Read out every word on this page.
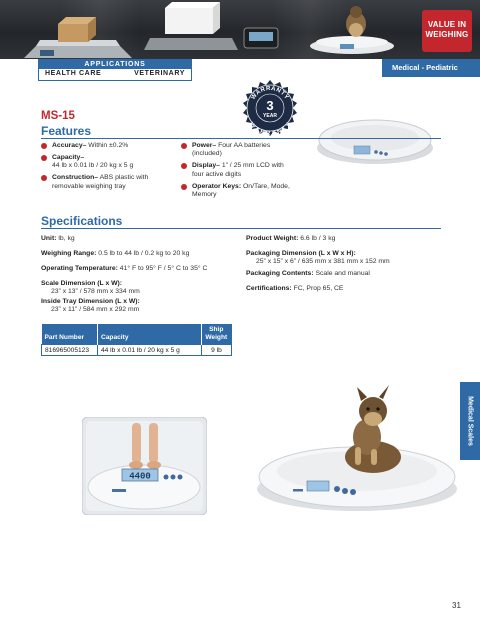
VALUE IN
WEIGHING
APPLICATIONS
HEALTH CARE	VETERINARY
Medical - Pediatric
WARRANTY
WARRANTY
3
YEAR
MS-15
Features
Accuracy– Within ±0.2%
Capacity–
44 lb x 0.01 lb / 20 kg x 5 g
Construction– ABS plastic with
removable weighing tray
Power– Four AA batteries
(included)
Display– 1” / 25 mm LCD with
four active digits
Operator Keys: On/Tare, Mode,
Memory
Specifications
Unit: lb, kg
Weighing Range: 0.5 lb to 44 lb / 0.2 kg to 20 kg
Operating Temperature: 41° F to 95° F / 5° C to 35° C
Scale Dimension (L x W):
23” x 13” / 578 mm x 334 mm
Inside Tray Dimension (L x W):
23” x 11” / 584 mm x 292 mm
Product Weight: 6.6 lb / 3 kg
Packaging Dimension (L x W x H):
25” x 15” x 6” / 635 mm x 381 mm x 152 mm
Packaging Contents: Scale and manual
Certifications: FC, Prop 65, CE
Part Number	Capacity	Ship
Weight
816965005123	44 lb x 0.01 lb / 20 kg x 5 g	9 lb
Medical Scales
4400
31
